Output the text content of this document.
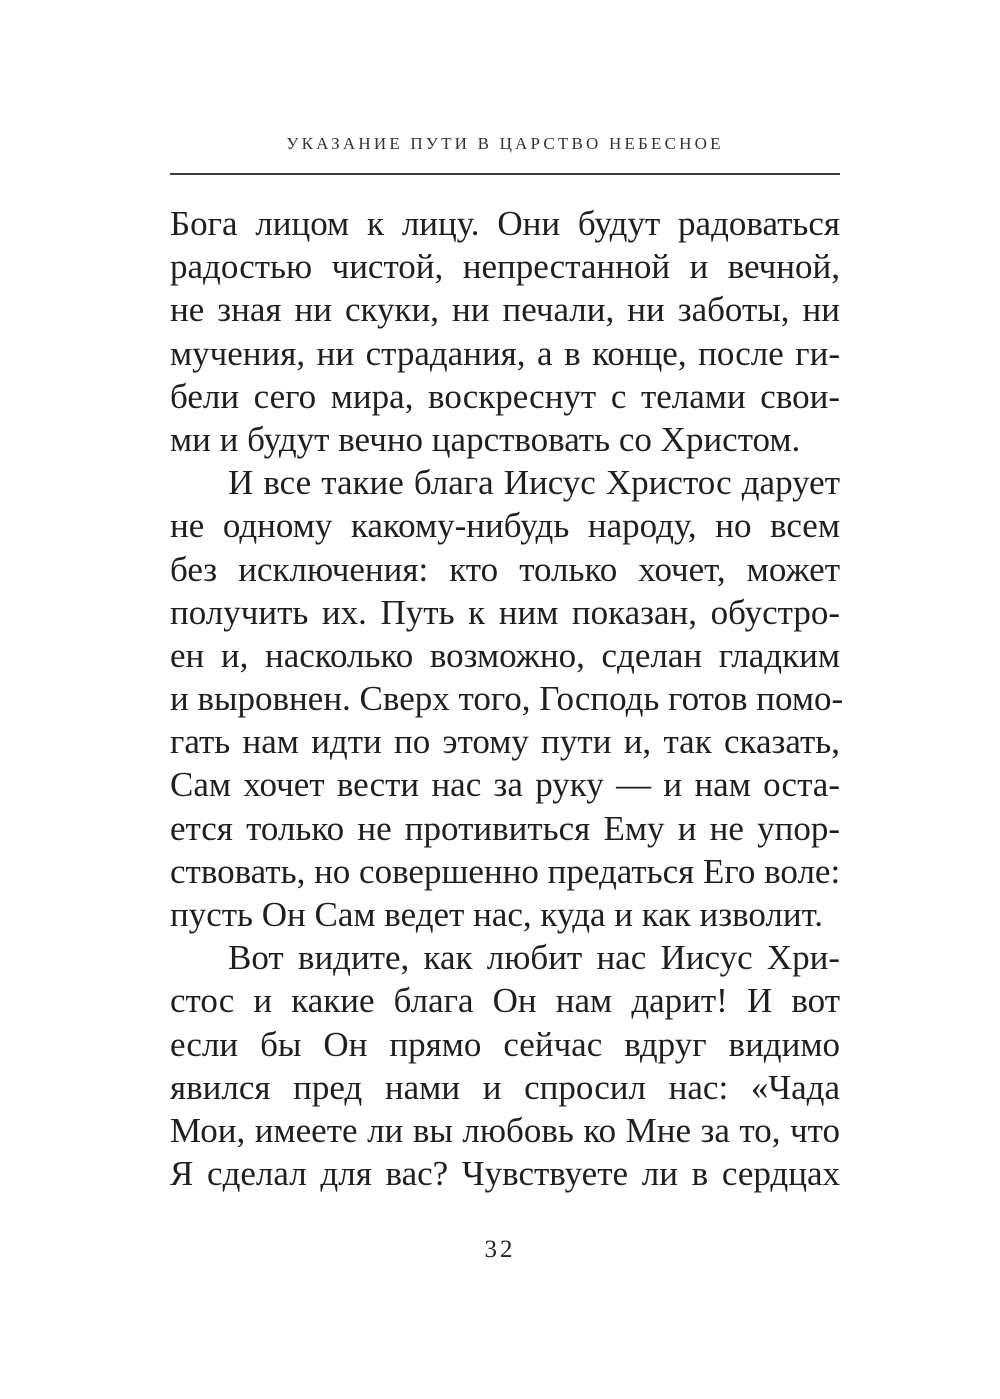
УКАЗАНИЕ ПУТИ В ЦАРСТВО НЕБЕСНОЕ
Бога лицом к лицу. Они будут радоваться
радостью чистой, непрестанной и вечной,
не зная ни скуки, ни печали, ни заботы, ни
мучения, ни страдания, а в конце, после ги-
бели сего мира, воскреснут с телами свои-
ми и будут вечно царствовать со Христом.
И все такие блага Иисус Христос дарует
не одному какому-нибудь народу, но всем
без исключения: кто только хочет, может
получить их. Путь к ним показан, обустро-
ен и, насколько возможно, сделан гладким
и выровнен. Сверх того, Господь готов помо-
гать нам идти по этому пути и, так сказать,
Сам хочет вести нас за руку — и нам оста-
ется только не противиться Ему и не упор-
ствовать, но совершенно предаться Его воле:
пусть Он Сам ведет нас, куда и как изволит.
Вот видите, как любит нас Иисус Хри-
стос и какие блага Он нам дарит! И вот
если бы Он прямо сейчас вдруг видимо
явился пред нами и спросил нас: «Чада
Мои, имеете ли вы любовь ко Мне за то, что
Я сделал для вас? Чувствуете ли в сердцах
32
